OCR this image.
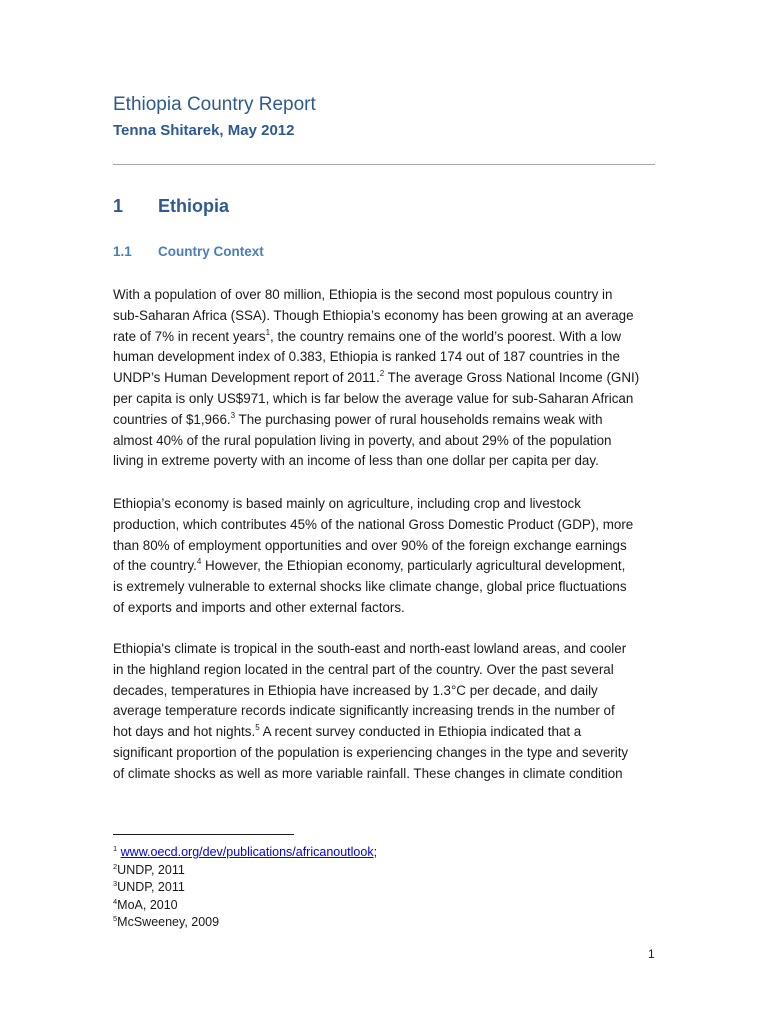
Ethiopia Country Report
Tenna Shitarek, May 2012
1 Ethiopia
1.1 Country Context
With a population of over 80 million, Ethiopia is the second most populous country in
sub-Saharan Africa (SSA). Though Ethiopia’s economy has been growing at an average
rate of 7% in recent years$^1$, the country remains one of the world’s poorest. With a low
human development index of 0.383, Ethiopia is ranked 174 out of 187 countries in the
UNDP’s Human Development report of 2011.$^2$ The average Gross National Income (GNI)
per capita is only US$971, which is far below the average value for sub-Saharan African
countries of $1,966.$^3$ The purchasing power of rural households remains weak with
almost 40% of the rural population living in poverty, and about 29% of the population
living in extreme poverty with an income of less than one dollar per capita per day.
Ethiopia’s economy is based mainly on agriculture, including crop and livestock
production, which contributes 45% of the national Gross Domestic Product (GDP), more
than 80% of employment opportunities and over 90% of the foreign exchange earnings
of the country.$^4$ However, the Ethiopian economy, particularly agricultural development,
is extremely vulnerable to external shocks like climate change, global price fluctuations
of exports and imports and other external factors.
Ethiopia's climate is tropical in the south-east and north-east lowland areas, and cooler
in the highland region located in the central part of the country. Over the past several
decades, temperatures in Ethiopia have increased by 1.3°C per decade, and daily
average temperature records indicate significantly increasing trends in the number of
hot days and hot nights.$^5$ A recent survey conducted in Ethiopia indicated that a
significant proportion of the population is experiencing changes in the type and severity
of climate shocks as well as more variable rainfall. These changes in climate condition
$^1$ www.oecd.org/dev/publications/africanoutlook;
$^2$UNDP, 2011
$^3$UNDP, 2011
$^4$MoA, 2010
$^5$McSweeney, 2009
1
